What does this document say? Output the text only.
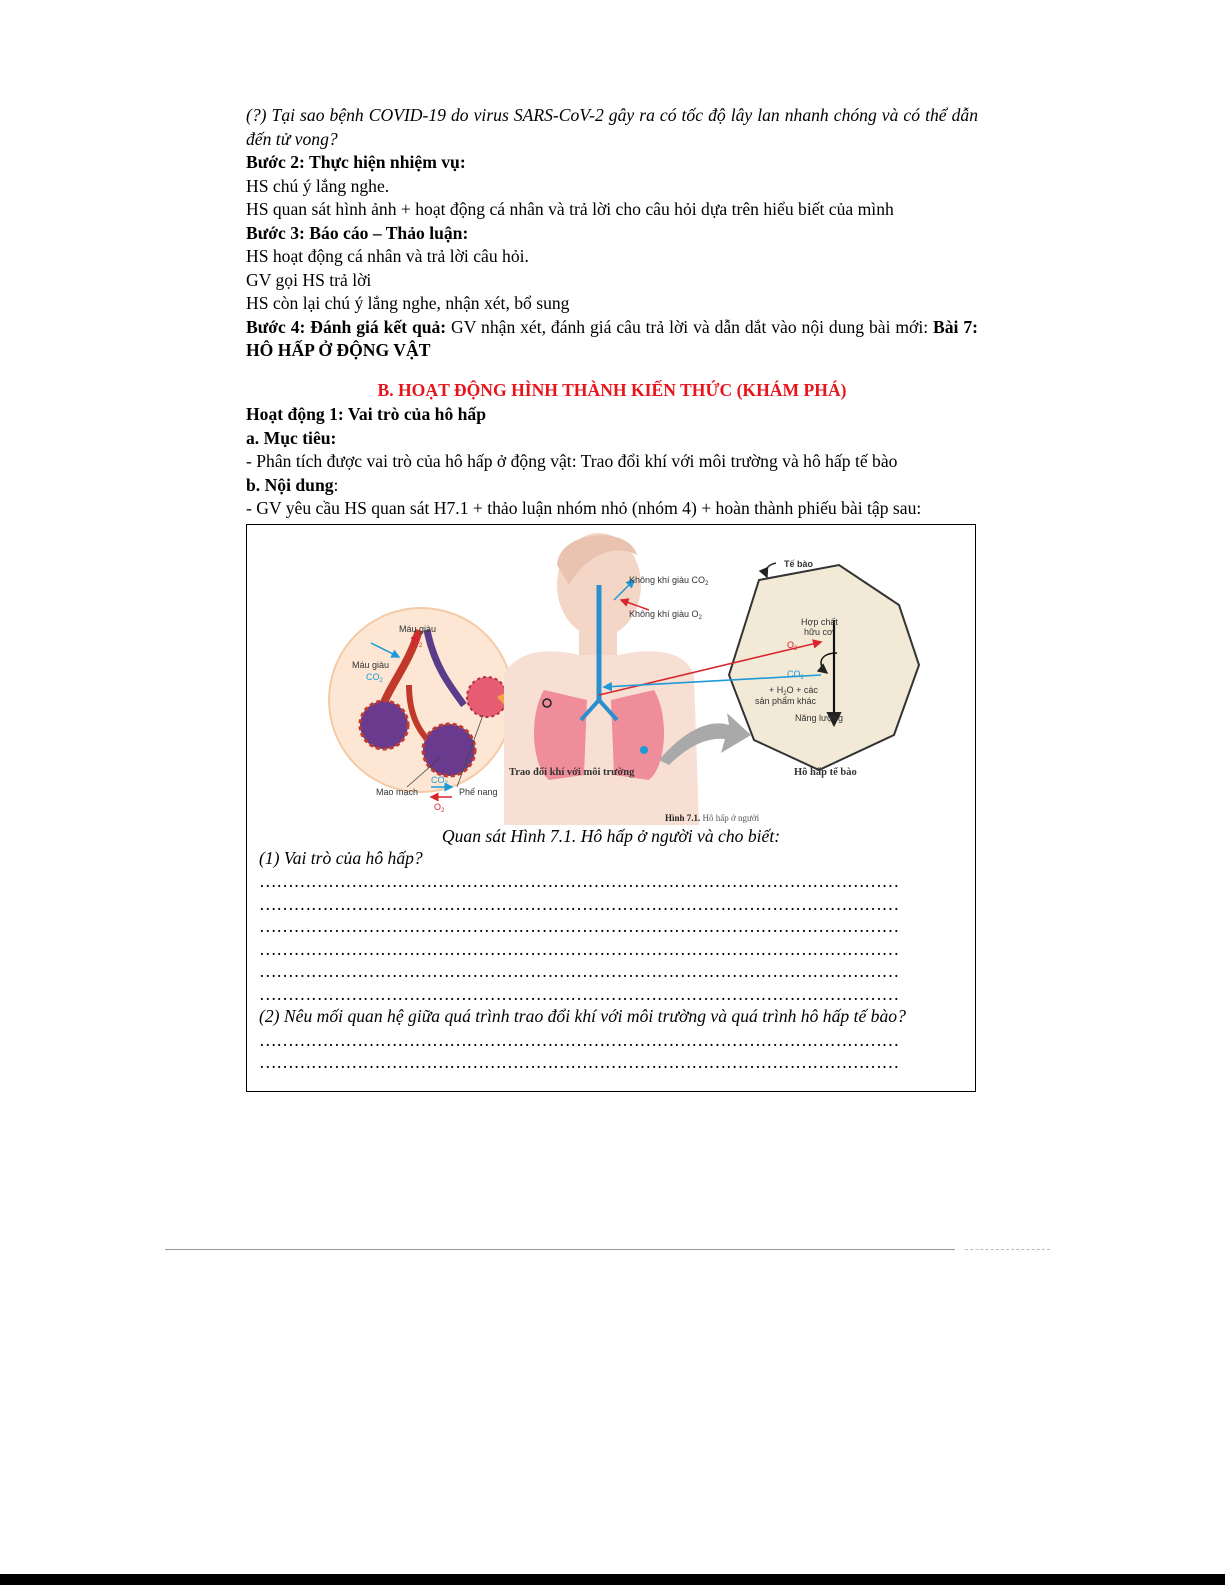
(?) Tại sao bệnh COVID-19 do virus SARS-CoV-2 gây ra có tốc độ lây lan nhanh chóng và có thể dẫn đến tử vong?
Bước 2: Thực hiện nhiệm vụ:
HS chú ý lắng nghe.
HS quan sát hình ảnh + hoạt động cá nhân và trả lời cho câu hỏi dựa trên hiểu biết của mình
Bước 3: Báo cáo – Thảo luận:
HS hoạt động cá nhân và trả lời câu hỏi.
GV gọi HS trả lời
HS còn lại chú ý lắng nghe, nhận xét, bổ sung
Bước 4: Đánh giá kết quả: GV nhận xét, đánh giá câu trả lời và dẫn dắt vào nội dung bài mới: Bài 7: HÔ HẤP Ở ĐỘNG VẬT
B. HOẠT ĐỘNG HÌNH THÀNH KIẾN THỨC (KHÁM PHÁ)
Hoạt động 1: Vai trò của hô hấp
a. Mục tiêu:
- Phân tích được vai trò của hô hấp ở động vật: Trao đổi khí với môi trường và hô hấp tế bào
b. Nội dung:
- GV yêu cầu HS quan sát H7.1 + thảo luận nhóm nhỏ (nhóm 4) + hoàn thành phiếu bài tập sau:
Tế bào
Không khí giàu $CO_2$
Không khí giàu $O_2$
Máu giàu
$O_2$
Máu giàu
$CO_2$
Hợp chất
hữu cơ
$O_2$
$CO_2$
+ $H_2O$ + các
sản phẩm khác
Năng lượng
Mao mạch	Phế nang
$CO_2$
$O_2$
Trao đổi khí với môi trường	Hô hấp tế bào
Hình 7.1. Hô hấp ở người
Quan sát Hình 7.1. Hô hấp ở người và cho biết:
(1) Vai trò của hô hấp?
…………………………………………………………………………………………………
…………………………………………………………………………………………………
…………………………………………………………………………………………………
…………………………………………………………………………………………………
…………………………………………………………………………………………………
…………………………………………………………………………………………………
(2) Nêu mối quan hệ giữa quá trình trao đổi khí với môi trường và quá trình hô hấp tế bào?
…………………………………………………………………………………………………
…………………………………………………………………………………………………
